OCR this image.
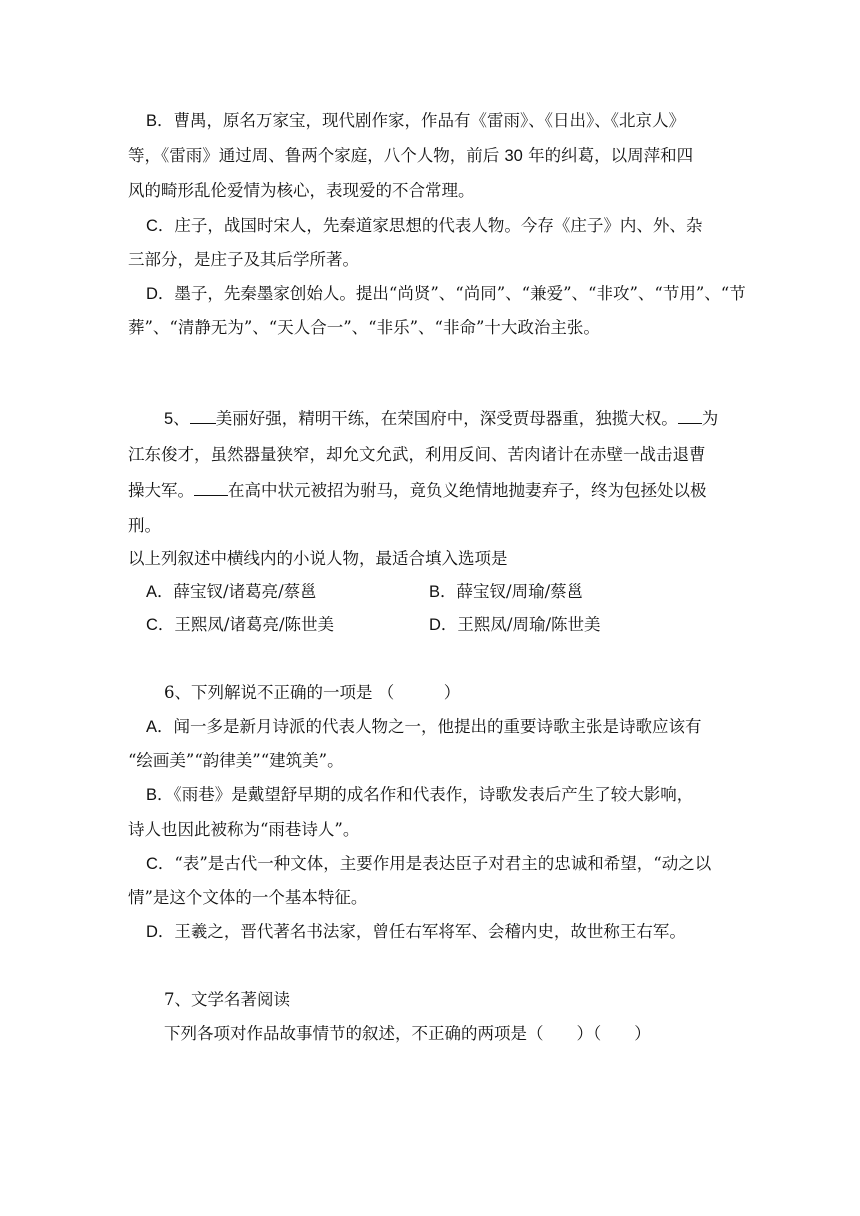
B．曹禺，原名万家宝，现代剧作家，作品有《雷雨》、《日出》、《北京人》
等，《雷雨》通过周、鲁两个家庭，八个人物，前后 30 年的纠葛，以周萍和四
风的畸形乱伦爱情为核心，表现爱的不合常理。
C．庄子，战国时宋人，先秦道家思想的代表人物。今存《庄子》内、外、杂
三部分，是庄子及其后学所著。
D．墨子，先秦墨家创始人。提出“尚贤”、“尚同”、“兼爱”、“非攻”、“节用”、“节
葬”、“清静无为”、“天人合一”、“非乐”、“非命”十大政治主张。
5、 美丽好强，精明干练，在荣国府中，深受贾母器重，独揽大权。 为
江东俊才，虽然器量狭窄，却允文允武，利用反间、苦肉诸计在赤壁一战击退曹
操大军。 在高中状元被招为驸马，竟负义绝情地抛妻弃子，终为包拯处以极
刑。
以上列叙述中横线内的小说人物，最适合填入选项是
A．薛宝钗/诸葛亮/蔡邕	B．薛宝钗/周瑜/蔡邕
C．王熙凤/诸葛亮/陈世美	D．王熙凤/周瑜/陈世美
6、下列解说不正确的一项是 （　　　）
A．闻一多是新月诗派的代表人物之一，他提出的重要诗歌主张是诗歌应该有
“绘画美”“韵律美”“建筑美”。
B．《雨巷》是戴望舒早期的成名作和代表作，诗歌发表后产生了较大影响，
诗人也因此被称为“雨巷诗人”。
C．“表”是古代一种文体，主要作用是表达臣子对君主的忠诚和希望，“动之以
情”是这个文体的一个基本特征。
D．王羲之，晋代著名书法家，曾任右军将军、会稽内史，故世称王右军。
7、文学名著阅读
下列各项对作品故事情节的叙述，不正确的两项是（　　）（　　）
